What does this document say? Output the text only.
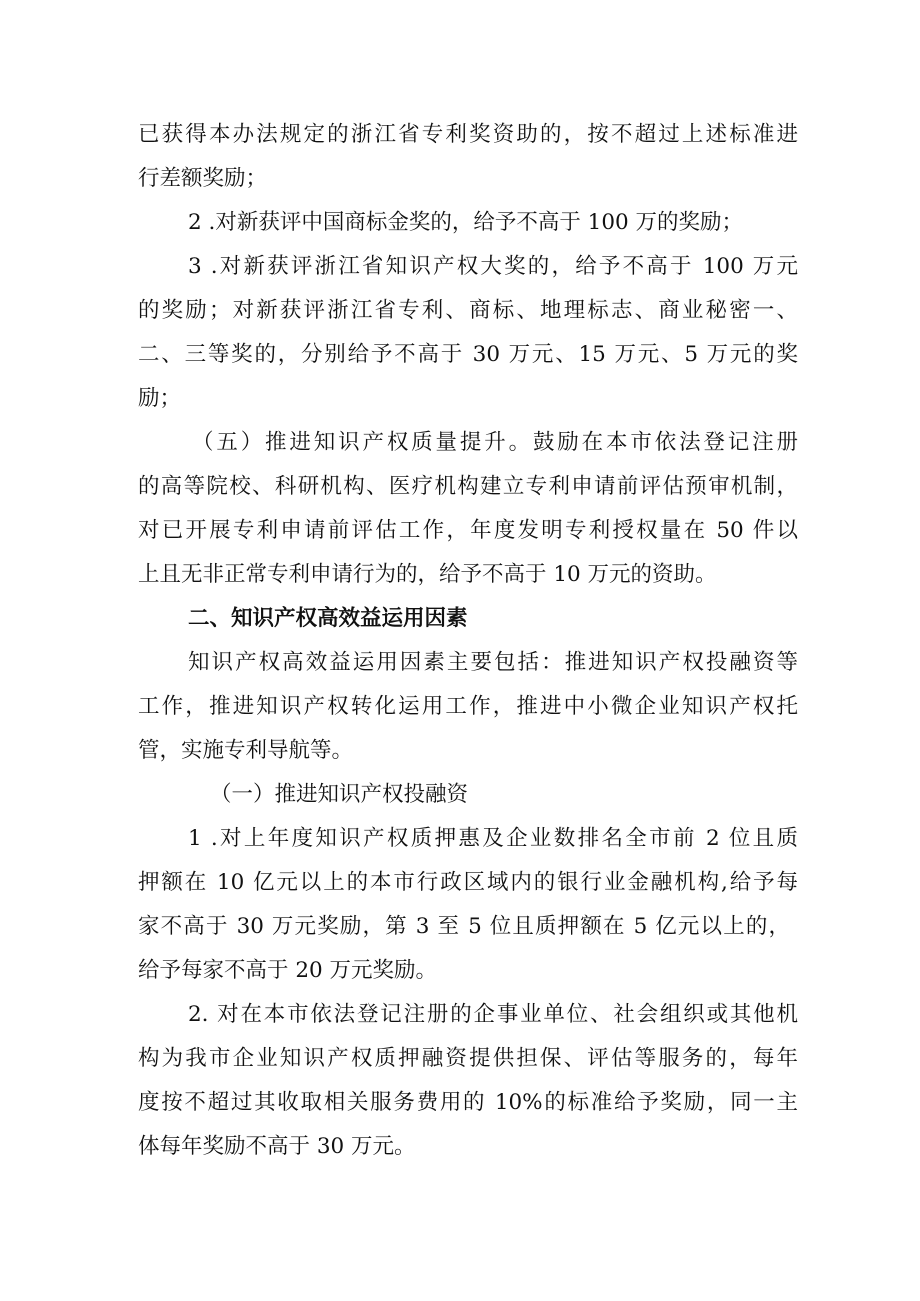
已获得本办法规定的浙江省专利奖资助的，按不超过上述标准进
行差额奖励；
2 .对新获评中国商标金奖的，给予不高于 100 万的奖励；
3 .对新获评浙江省知识产权大奖的，给予不高于 100 万元
的奖励；对新获评浙江省专利、商标、地理标志、商业秘密一、
二、三等奖的，分别给予不高于 30 万元、15 万元、5 万元的奖
励；
（五）推进知识产权质量提升。鼓励在本市依法登记注册
的高等院校、科研机构、医疗机构建立专利申请前评估预审机制，
对已开展专利申请前评估工作，年度发明专利授权量在 50 件以
上且无非正常专利申请行为的，给予不高于 10 万元的资助。
二、知识产权高效益运用因素
知识产权高效益运用因素主要包括：推进知识产权投融资等
工作，推进知识产权转化运用工作，推进中小微企业知识产权托
管，实施专利导航等。
（一）推进知识产权投融资
1 .对上年度知识产权质押惠及企业数排名全市前 2 位且质
押额在 10 亿元以上的本市行政区域内的银行业金融机构,给予每
家不高于 30 万元奖励，第 3 至 5 位且质押额在 5 亿元以上的，
给予每家不高于 20 万元奖励。
2. 对在本市依法登记注册的企事业单位、社会组织或其他机
构为我市企业知识产权质押融资提供担保、评估等服务的，每年
度按不超过其收取相关服务费用的 10%的标准给予奖励，同一主
体每年奖励不高于 30 万元。
